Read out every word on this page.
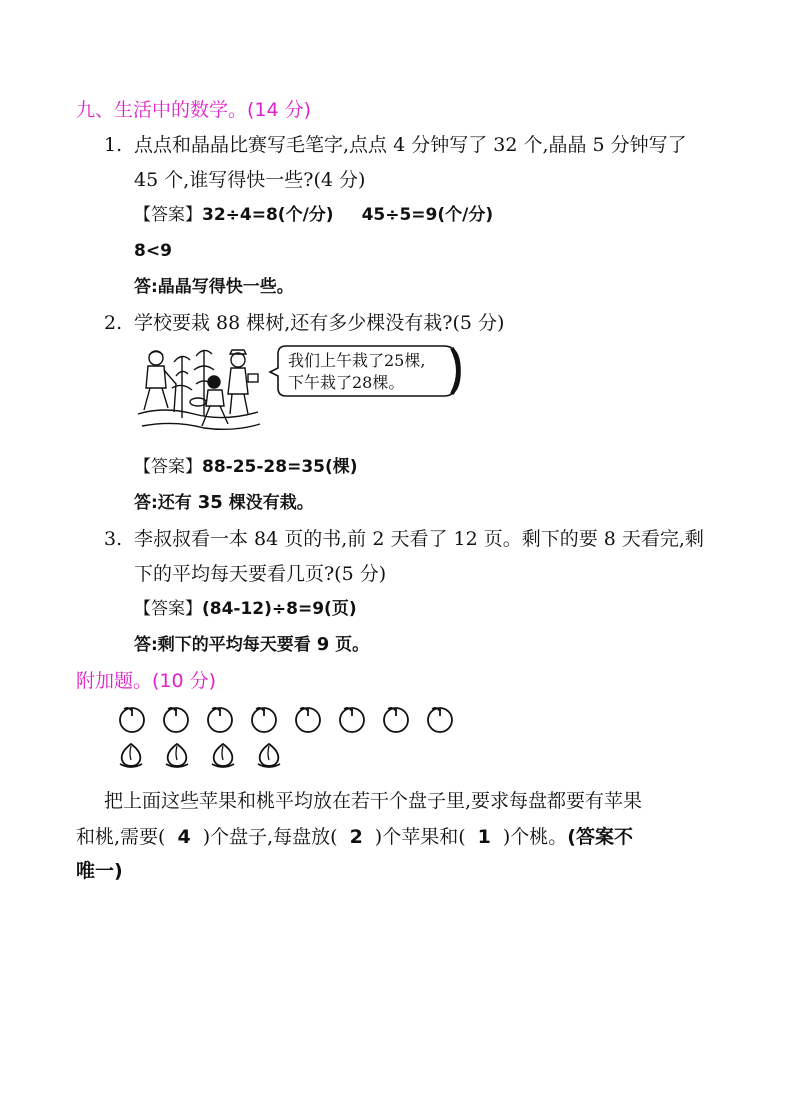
九、生活中的数学。(14 分)
1. 点点和晶晶比赛写毛笔字,点点 4 分钟写了 32 个,晶晶 5 分钟写了
45 个,谁写得快一些?(4 分)
【答案】32÷4=8(个/分) 45÷5=9(个/分)
8<9
答:晶晶写得快一些。
2. 学校要栽 88 棵树,还有多少棵没有栽?(5 分)
我们上午栽了25棵,
下午栽了28棵。
【答案】88-25-28=35(棵)
答:还有 35 棵没有栽。
3. 李叔叔看一本 84 页的书,前 2 天看了 12 页。剩下的要 8 天看完,剩
下的平均每天要看几页?(5 分)
【答案】(84-12)÷8=9(页)
答:剩下的平均每天要看 9 页。
附加题。(10 分)
把上面这些苹果和桃平均放在若干个盘子里,要求每盘都要有苹果
和桃,需要( 4 )个盘子,每盘放( 2 )个苹果和( 1 )个桃。(答案不
唯一)
